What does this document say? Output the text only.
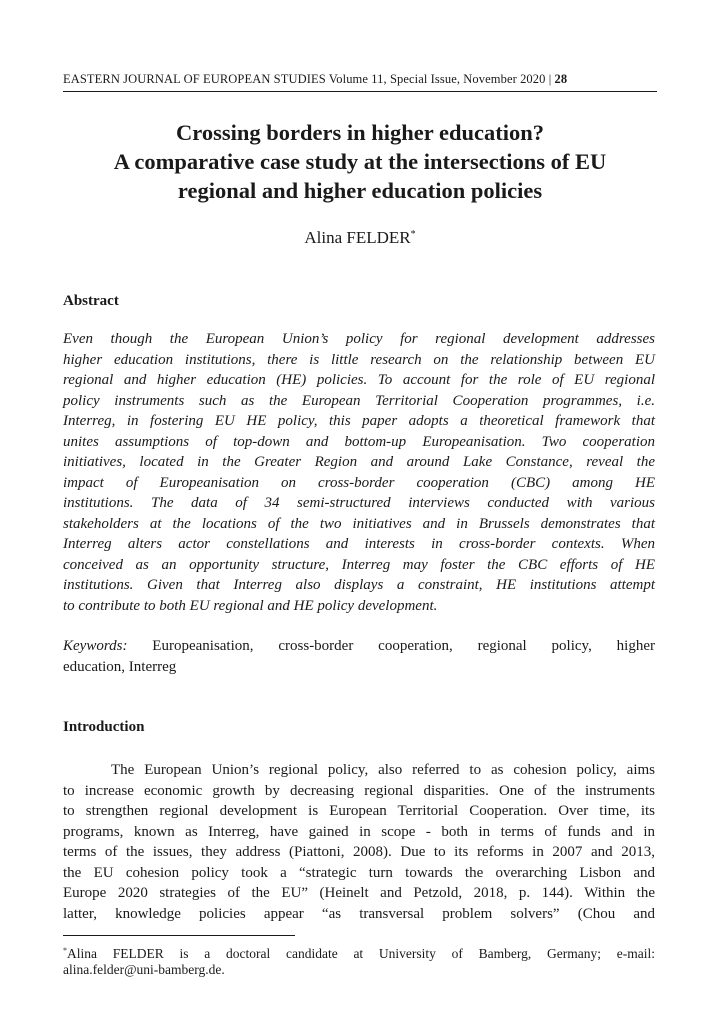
EASTERN JOURNAL OF EUROPEAN STUDIES Volume 11, Special Issue, November 2020 | 28
Crossing borders in higher education?
A comparative case study at the intersections of EU
regional and higher education policies
Alina FELDER*
Abstract
Even though the European Union’s policy for regional development addresses
higher education institutions, there is little research on the relationship between EU
regional and higher education (HE) policies. To account for the role of EU regional
policy instruments such as the European Territorial Cooperation programmes, i.e.
Interreg, in fostering EU HE policy, this paper adopts a theoretical framework that
unites assumptions of top-down and bottom-up Europeanisation. Two cooperation
initiatives, located in the Greater Region and around Lake Constance, reveal the
impact of Europeanisation on cross-border cooperation (CBC) among HE
institutions. The data of 34 semi-structured interviews conducted with various
stakeholders at the locations of the two initiatives and in Brussels demonstrates that
Interreg alters actor constellations and interests in cross-border contexts. When
conceived as an opportunity structure, Interreg may foster the CBC efforts of HE
institutions. Given that Interreg also displays a constraint, HE institutions attempt
to contribute to both EU regional and HE policy development.
Keywords: Europeanisation, cross-border cooperation, regional policy, higher
education, Interreg
Introduction
The European Union’s regional policy, also referred to as cohesion policy, aims
to increase economic growth by decreasing regional disparities. One of the instruments
to strengthen regional development is European Territorial Cooperation. Over time, its
programs, known as Interreg, have gained in scope - both in terms of funds and in
terms of the issues, they address (Piattoni, 2008). Due to its reforms in 2007 and 2013,
the EU cohesion policy took a “strategic turn towards the overarching Lisbon and
Europe 2020 strategies of the EU” (Heinelt and Petzold, 2018, p. 144). Within the
latter, knowledge policies appear “as transversal problem solvers” (Chou and
*Alina FELDER is a doctoral candidate at University of Bamberg, Germany; e-mail:
alina.felder@uni-bamberg.de.
